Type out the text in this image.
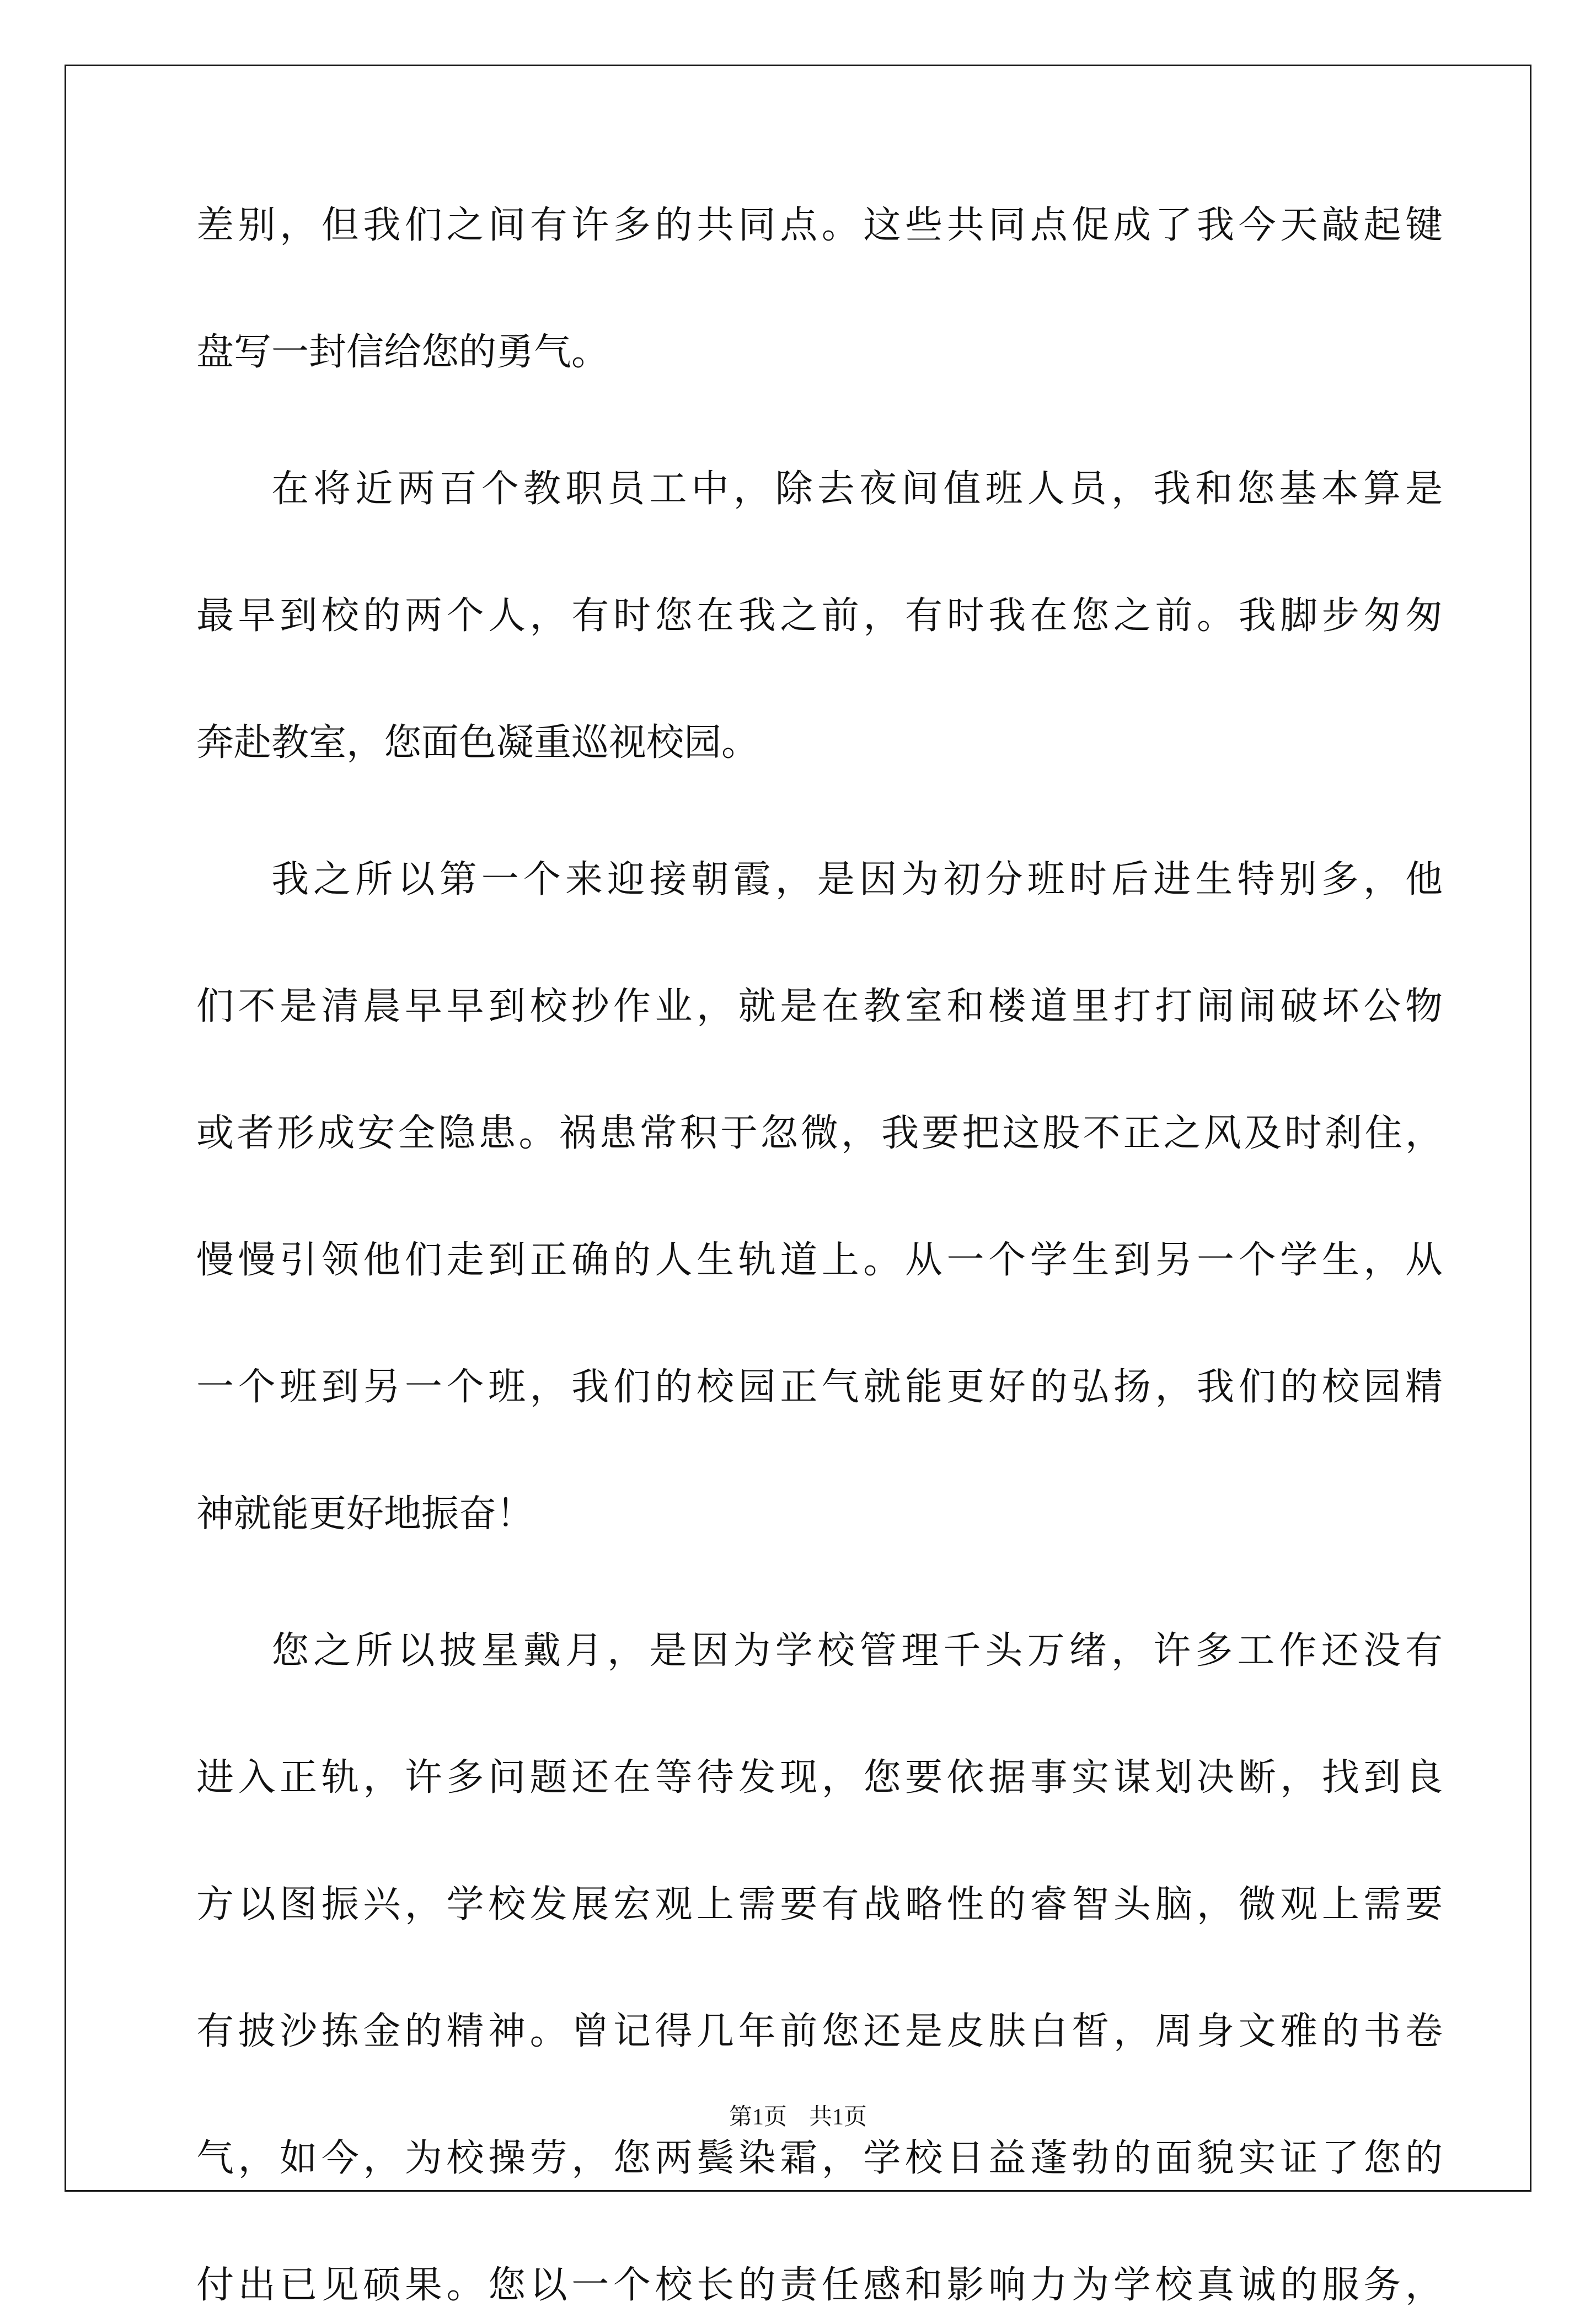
差别，但我们之间有许多的共同点。这些共同点促成了我今天敲起键
盘写一封信给您的勇气。
在将近两百个教职员工中，除去夜间值班人员，我和您基本算是
最早到校的两个人，有时您在我之前，有时我在您之前。我脚步匆匆
奔赴教室，您面色凝重巡视校园。
我之所以第一个来迎接朝霞，是因为初分班时后进生特别多，他
们不是清晨早早到校抄作业，就是在教室和楼道里打打闹闹破坏公物
或者形成安全隐患。祸患常积于忽微，我要把这股不正之风及时刹住，
慢慢引领他们走到正确的人生轨道上。从一个学生到另一个学生，从
一个班到另一个班，我们的校园正气就能更好的弘扬，我们的校园精
神就能更好地振奋！
您之所以披星戴月，是因为学校管理千头万绪，许多工作还没有
进入正轨，许多问题还在等待发现，您要依据事实谋划决断，找到良
方以图振兴，学校发展宏观上需要有战略性的睿智头脑，微观上需要
有披沙拣金的精神。曾记得几年前您还是皮肤白皙，周身文雅的书卷
气，如今，为校操劳，您两鬓染霜，学校日益蓬勃的面貌实证了您的
付出已见硕果。您以一个校长的责任感和影响力为学校真诚的服务，
第1页 共1页
